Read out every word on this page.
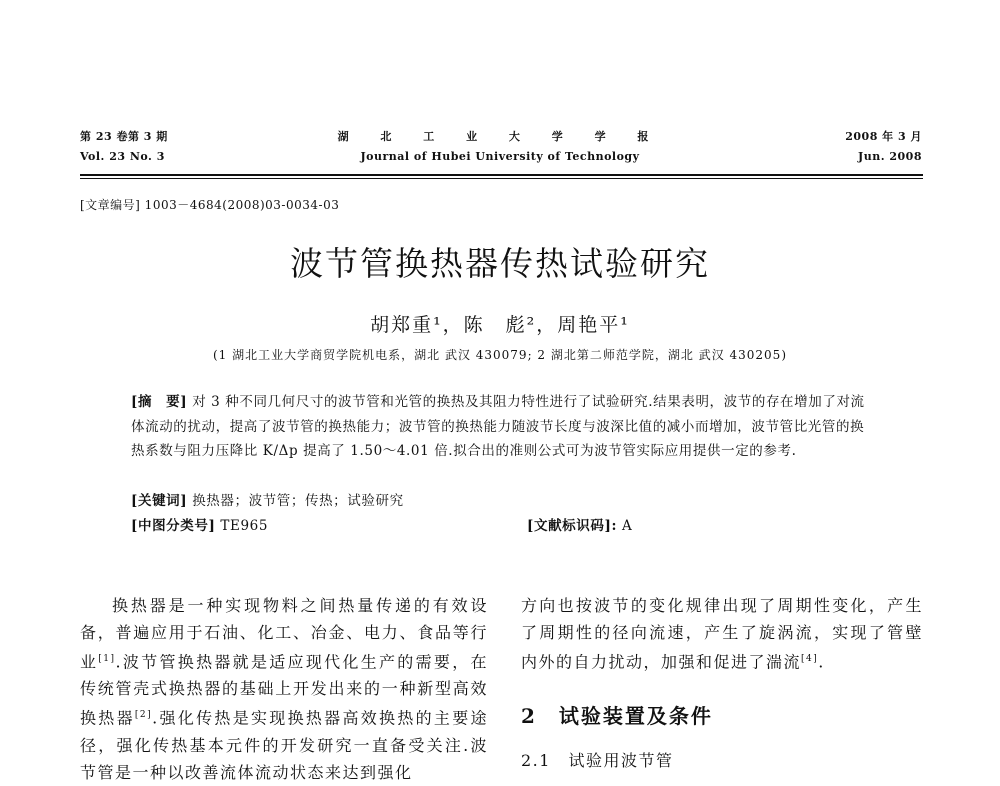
第 23 卷第 3 期
Vol. 23 No. 3
湖 北 工 业 大 学 学 报
Journal of Hubei University of Technology
2008 年 3 月
Jun. 2008
[文章编号] 1003－4684(2008)03-0034-03
波节管换热器传热试验研究
胡郑重¹，陈　彪²，周艳平¹
(1 湖北工业大学商贸学院机电系，湖北 武汉 430079; 2 湖北第二师范学院，湖北 武汉 430205)

[摘　要] 对 3 种不同几何尺寸的波节管和光管的换热及其阻力特性进行了试验研究.结果表明，波节的存在增加了对流体流动的扰动，提高了波节管的换热能力；波节管的换热能力随波节长度与波深比值的减小而增加，波节管比光管的换热系数与阻力压降比 K/Δp 提高了 1.50～4.01 倍.拟合出的准则公式可为波节管实际应用提供一定的参考.

[关键词] 换热器；波节管；传热；试验研究
[中图分类号] TE965	[文献标识码]: A

换热器是一种实现物料之间热量传递的有效设备，普遍应用于石油、化工、冶金、电力、食品等行业[1].波节管换热器就是适应现代化生产的需要，在传统管壳式换热器的基础上开发出来的一种新型高效换热器[2].强化传热是实现换热器高效换热的主要途径，强化传热基本元件的开发研究一直备受关注.波节管是一种以改善流体流动状态来达到强化

方向也按波节的变化规律出现了周期性变化，产生了周期性的径向流速，产生了旋涡流，实现了管壁内外的自力扰动，加强和促进了湍流[4].

2　试验装置及条件
2.1　试验用波节管
